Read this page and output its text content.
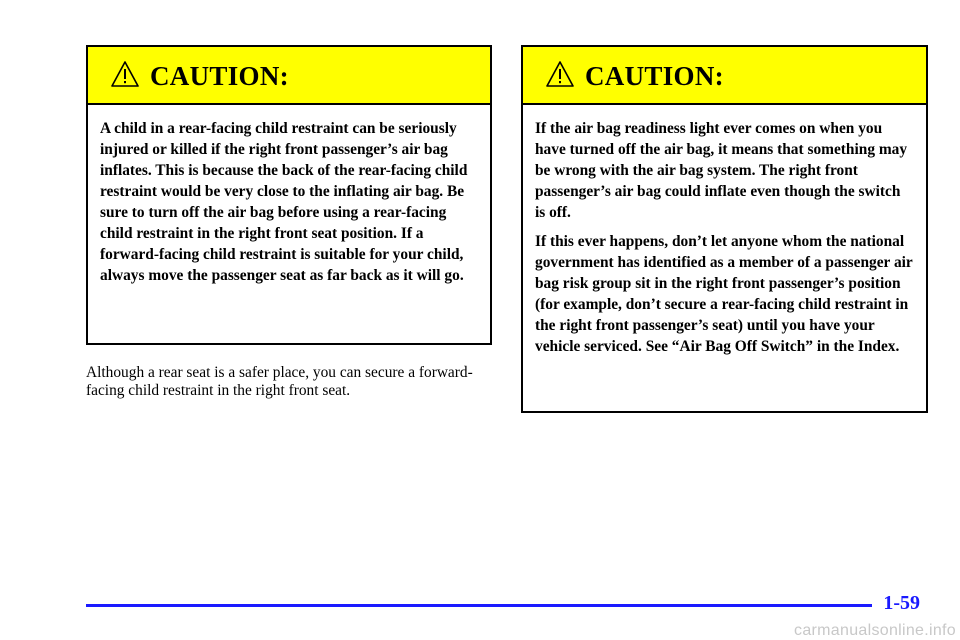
CAUTION:

A child in a rear-facing child restraint can be seriously injured or killed if the right front passenger’s air bag inflates. This is because the back of the rear-facing child restraint would be very close to the inflating air bag. Be sure to turn off the air bag before using a rear-facing child restraint in the right front seat position. If a forward-facing child restraint is suitable for your child, always move the passenger seat as far back as it will go.

Although a rear seat is a safer place, you can secure a forward-facing child restraint in the right front seat.

CAUTION:

If the air bag readiness light ever comes on when you have turned off the air bag, it means that something may be wrong with the air bag system. The right front passenger’s air bag could inflate even though the switch is off.

If this ever happens, don’t let anyone whom the national government has identified as a member of a passenger air bag risk group sit in the right front passenger’s position (for example, don’t secure a rear-facing child restraint in the right front passenger’s seat) until you have your vehicle serviced. See “Air Bag Off Switch” in the Index.

1-59
carmanualsonline.info
